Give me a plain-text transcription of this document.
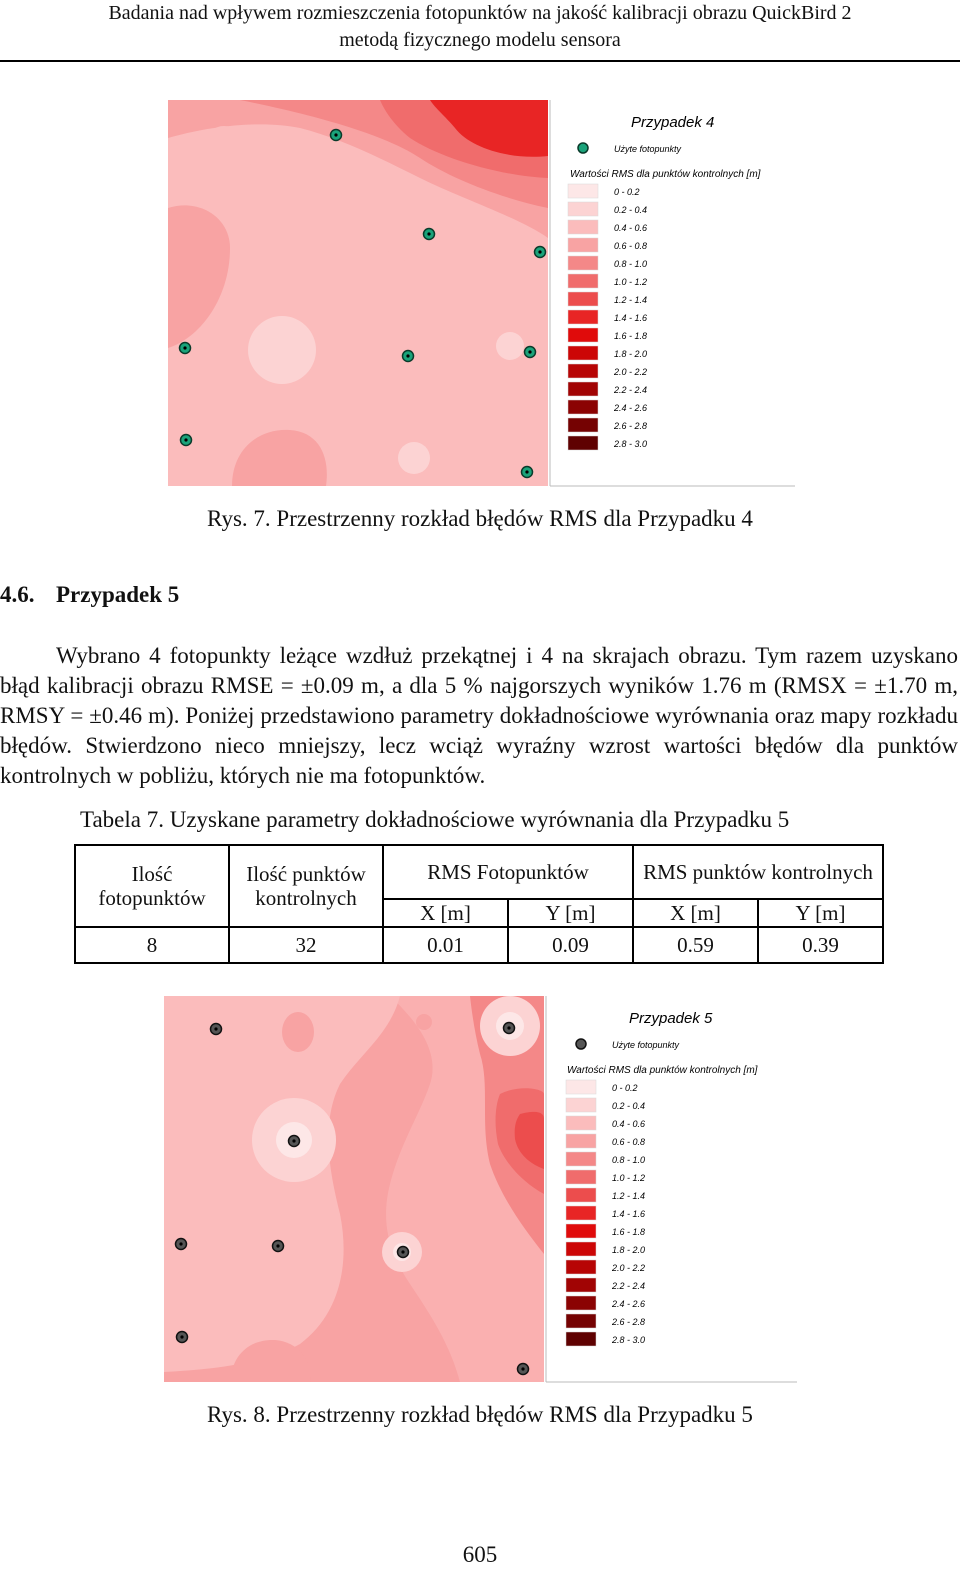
Badania nad wpływem rozmieszczenia fotopunktów na jakość kalibracji obrazu QuickBird 2
metodą fizycznego modelu sensora
Przypadek 4
Użyte fotopunkty
Wartości RMS dla punktów kontrolnych [m]
0 - 0.2
0.2 - 0.4
0.4 - 0.6
0.6 - 0.8
0.8 - 1.0
1.0 - 1.2
1.2 - 1.4
1.4 - 1.6
1.6 - 1.8
1.8 - 2.0
2.0 - 2.2
2.2 - 2.4
2.4 - 2.6
2.6 - 2.8
2.8 - 3.0
Rys. 7. Przestrzenny rozkład błędów RMS dla Przypadku 4
4.6. Przypadek 5

Wybrano 4 fotopunkty leżące wzdłuż przekątnej i 4 na skrajach obrazu. Tym razem uzyskano błąd kalibracji obrazu RMSE = ±0.09 m, a dla 5 % najgorszych wyników 1.76 m (RMSX = ±1.70 m, RMSY = ±0.46 m). Poniżej przedstawiono parametry dokładnościowe wyrównania oraz mapy rozkładu błędów. Stwierdzono nieco mniejszy, lecz wciąż wyraźny wzrost wartości błędów dla punktów kontrolnych w pobliżu, których nie ma fotopunktów.

Tabela 7. Uzyskane parametry dokładnościowe wyrównania dla Przypadku 5
Ilość fotopunktów	Ilość punktów kontrolnych	RMS Fotopunktów		RMS punktów kontrolnych	
		X [m]	Y [m]	X [m]	Y [m]
8	32	0.01	0.09	0.59	0.39
Przypadek 5
Użyte fotopunkty
Wartości RMS dla punktów kontrolnych [m]
0 - 0.2
0.2 - 0.4
0.4 - 0.6
0.6 - 0.8
0.8 - 1.0
1.0 - 1.2
1.2 - 1.4
1.4 - 1.6
1.6 - 1.8
1.8 - 2.0
2.0 - 2.2
2.2 - 2.4
2.4 - 2.6
2.6 - 2.8
2.8 - 3.0
Rys. 8. Przestrzenny rozkład błędów RMS dla Przypadku 5
605
